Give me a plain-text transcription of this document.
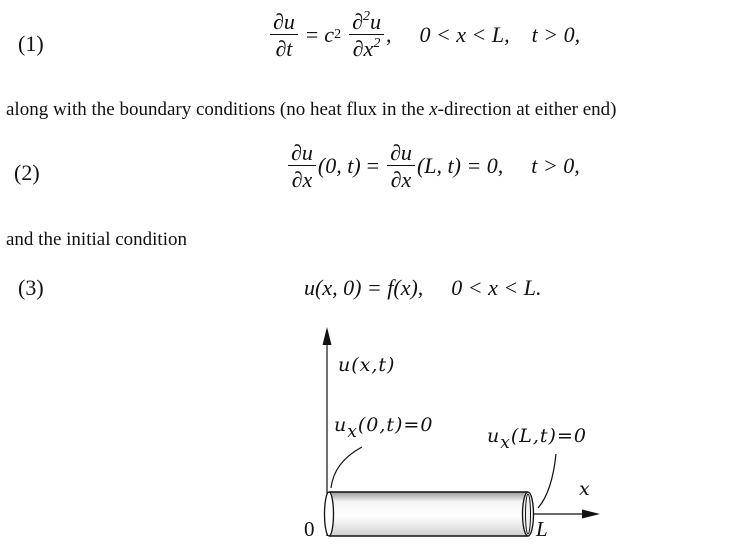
(1)	$\frac{\partial u}{\partial t} = c$ $2 \frac{\partial^2u}{\partial x^2}$ , 0 < x < L,    t > 0,
along with the boundary conditions (no heat flux in the x-direction at either end)
(2)	$\frac{\partial u}{\partial x} (0$, $t) = \frac{\partial u}{\partial x} (L$, t) = 0, t > 0,
and the initial condition
(3)	u(x, 0) = f(x), 0 < x < L.
u(x,t)
ux(0,t)=0	ux(L,t)=0
x
0	L
